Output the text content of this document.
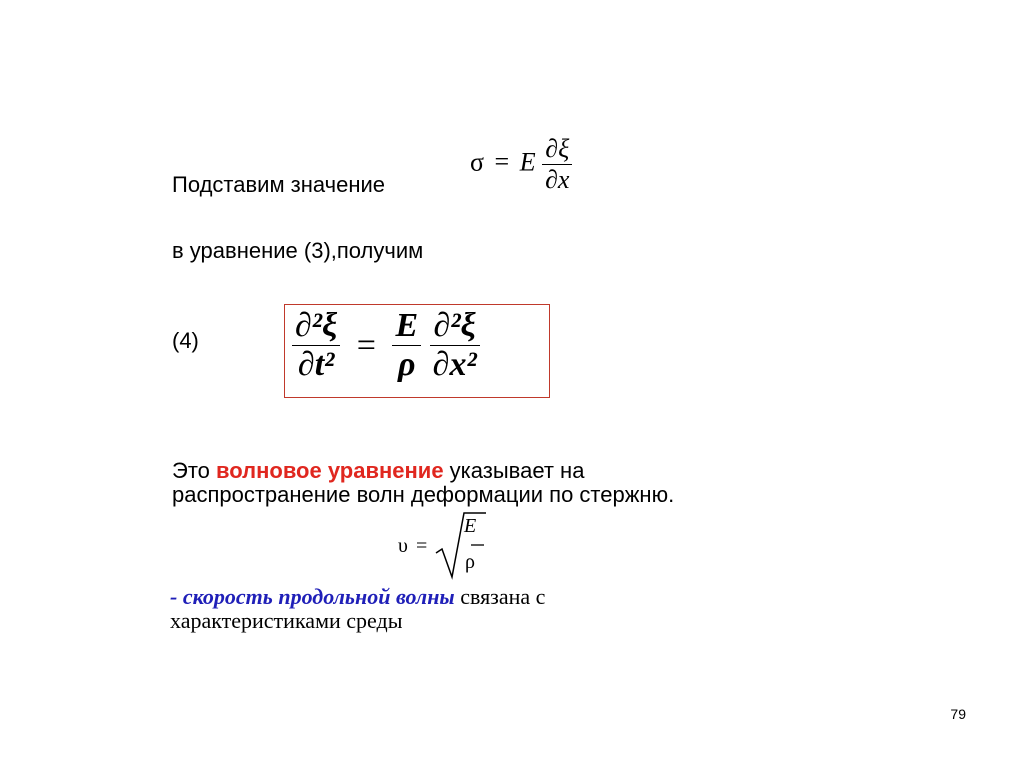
Подставим значение
σ = E $\frac{\partial\xi}{\partial x}$
в уравнение (3),получим
(4)	$\frac{\text{∂²ξ}}{\text{∂t²}} = \frac{E}{\rho}$
$\frac{\text{∂²ξ}}{\text{∂x²}}$
Это волновое уравнение указывает на
распространение волн деформации по стержню.
υ =
E
ρ
- скорость продольной волны связана с
характеристиками среды
79
